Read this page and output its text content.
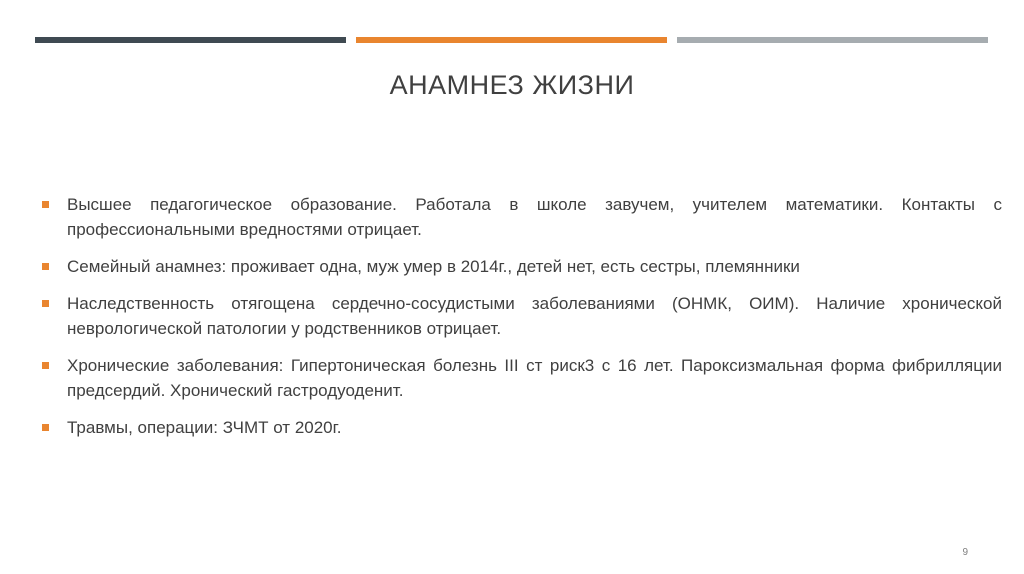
АНАМНЕЗ ЖИЗНИ
Высшее педагогическое образование. Работала в школе завучем, учителем математики. Контакты с профессиональными вредностями отрицает.
Семейный анамнез: проживает одна, муж умер в 2014г., детей нет, есть сестры, племянники
Наследственность отягощена сердечно-сосудистыми заболеваниями (ОНМК, ОИМ). Наличие хронической неврологической патологии у родственников отрицает.
Хронические заболевания: Гипертоническая болезнь III ст риск3 с 16 лет. Пароксизмальная форма фибрилляции предсердий. Хронический гастродуоденит.
Травмы, операции: ЗЧМТ от 2020г.
9
